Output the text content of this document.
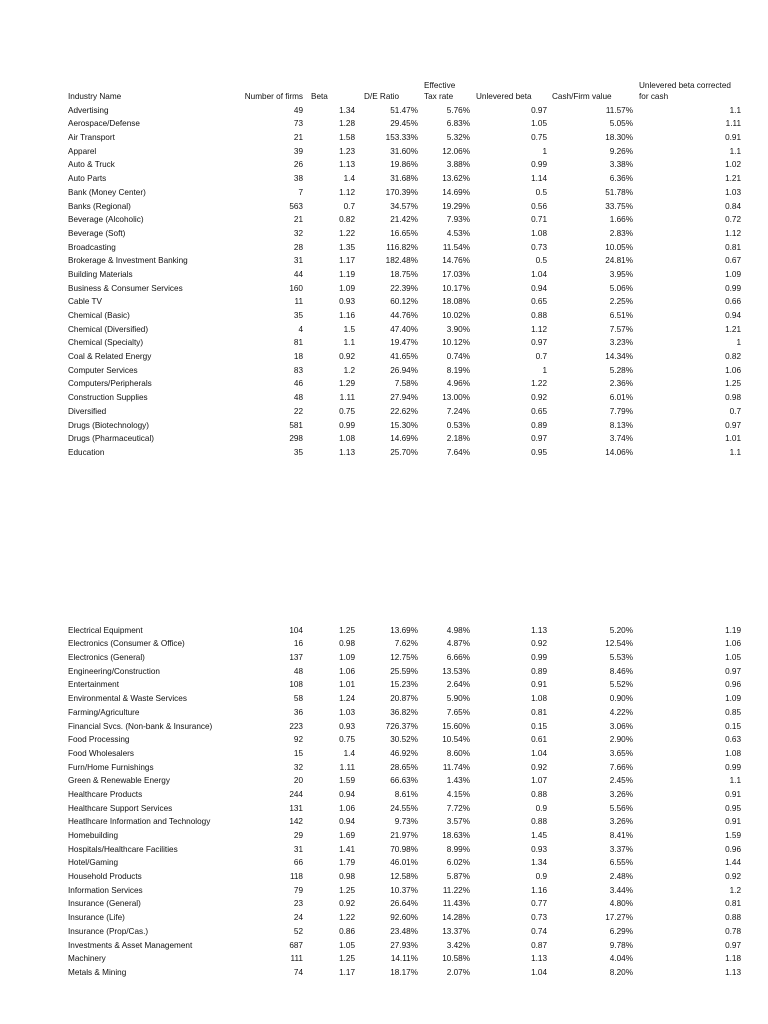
	Industry Name	Number of firms	Beta	D/E Ratio	Effective Tax rate	Unlevered beta	Cash/Firm value	Unlevered beta corrected for cash	
	Advertising	49	1.34	51.47%	5.76%	0.97	11.57%	1.1	
	Aerospace/Defense	73	1.28	29.45%	6.83%	1.05	5.05%	1.11	
	Air Transport	21	1.58	153.33%	5.32%	0.75	18.30%	0.91	
	Apparel	39	1.23	31.60%	12.06%	1	9.26%	1.1	
	Auto & Truck	26	1.13	19.86%	3.88%	0.99	3.38%	1.02	
	Auto Parts	38	1.4	31.68%	13.62%	1.14	6.36%	1.21	
	Bank (Money Center)	7	1.12	170.39%	14.69%	0.5	51.78%	1.03	
	Banks (Regional)	563	0.7	34.57%	19.29%	0.56	33.75%	0.84	
	Beverage (Alcoholic)	21	0.82	21.42%	7.93%	0.71	1.66%	0.72	
	Beverage (Soft)	32	1.22	16.65%	4.53%	1.08	2.83%	1.12	
	Broadcasting	28	1.35	116.82%	11.54%	0.73	10.05%	0.81	
	Brokerage & Investment Banking	31	1.17	182.48%	14.76%	0.5	24.81%	0.67	
	Building Materials	44	1.19	18.75%	17.03%	1.04	3.95%	1.09	
	Business & Consumer Services	160	1.09	22.39%	10.17%	0.94	5.06%	0.99	
	Cable TV	11	0.93	60.12%	18.08%	0.65	2.25%	0.66	
	Chemical (Basic)	35	1.16	44.76%	10.02%	0.88	6.51%	0.94	
	Chemical (Diversified)	4	1.5	47.40%	3.90%	1.12	7.57%	1.21	
	Chemical (Specialty)	81	1.1	19.47%	10.12%	0.97	3.23%	1	
	Coal & Related Energy	18	0.92	41.65%	0.74%	0.7	14.34%	0.82	
	Computer Services	83	1.2	26.94%	8.19%	1	5.28%	1.06	
	Computers/Peripherals	46	1.29	7.58%	4.96%	1.22	2.36%	1.25	
	Construction Supplies	48	1.11	27.94%	13.00%	0.92	6.01%	0.98	
	Diversified	22	0.75	22.62%	7.24%	0.65	7.79%	0.7	
	Drugs (Biotechnology)	581	0.99	15.30%	0.53%	0.89	8.13%	0.97	
	Drugs (Pharmaceutical)	298	1.08	14.69%	2.18%	0.97	3.74%	1.01	
	Education	35	1.13	25.70%	7.64%	0.95	14.06%	1.1	
	Electrical Equipment	104	1.25	13.69%	4.98%	1.13	5.20%	1.19	
	Electronics (Consumer & Office)	16	0.98	7.62%	4.87%	0.92	12.54%	1.06	
	Electronics (General)	137	1.09	12.75%	6.66%	0.99	5.53%	1.05	
	Engineering/Construction	48	1.06	25.59%	13.53%	0.89	8.46%	0.97	
	Entertainment	108	1.01	15.23%	2.64%	0.91	5.52%	0.96	
	Environmental & Waste Services	58	1.24	20.87%	5.90%	1.08	0.90%	1.09	
	Farming/Agriculture	36	1.03	36.82%	7.65%	0.81	4.22%	0.85	
	Financial Svcs. (Non-bank & Insurance)	223	0.93	726.37%	15.60%	0.15	3.06%	0.15	
	Food Processing	92	0.75	30.52%	10.54%	0.61	2.90%	0.63	
	Food Wholesalers	15	1.4	46.92%	8.60%	1.04	3.65%	1.08	
	Furn/Home Furnishings	32	1.11	28.65%	11.74%	0.92	7.66%	0.99	
	Green & Renewable Energy	20	1.59	66.63%	1.43%	1.07	2.45%	1.1	
	Healthcare Products	244	0.94	8.61%	4.15%	0.88	3.26%	0.91	
	Healthcare Support Services	131	1.06	24.55%	7.72%	0.9	5.56%	0.95	
	Heatlhcare Information and Technology	142	0.94	9.73%	3.57%	0.88	3.26%	0.91	
	Homebuilding	29	1.69	21.97%	18.63%	1.45	8.41%	1.59	
	Hospitals/Healthcare Facilities	31	1.41	70.98%	8.99%	0.93	3.37%	0.96	
	Hotel/Gaming	66	1.79	46.01%	6.02%	1.34	6.55%	1.44	
	Household Products	118	0.98	12.58%	5.87%	0.9	2.48%	0.92	
	Information Services	79	1.25	10.37%	11.22%	1.16	3.44%	1.2	
	Insurance (General)	23	0.92	26.64%	11.43%	0.77	4.80%	0.81	
	Insurance (Life)	24	1.22	92.60%	14.28%	0.73	17.27%	0.88	
	Insurance (Prop/Cas.)	52	0.86	23.48%	13.37%	0.74	6.29%	0.78	
	Investments & Asset Management	687	1.05	27.93%	3.42%	0.87	9.78%	0.97	
	Machinery	111	1.25	14.11%	10.58%	1.13	4.04%	1.18	
	Metals & Mining	74	1.17	18.17%	2.07%	1.04	8.20%	1.13	
